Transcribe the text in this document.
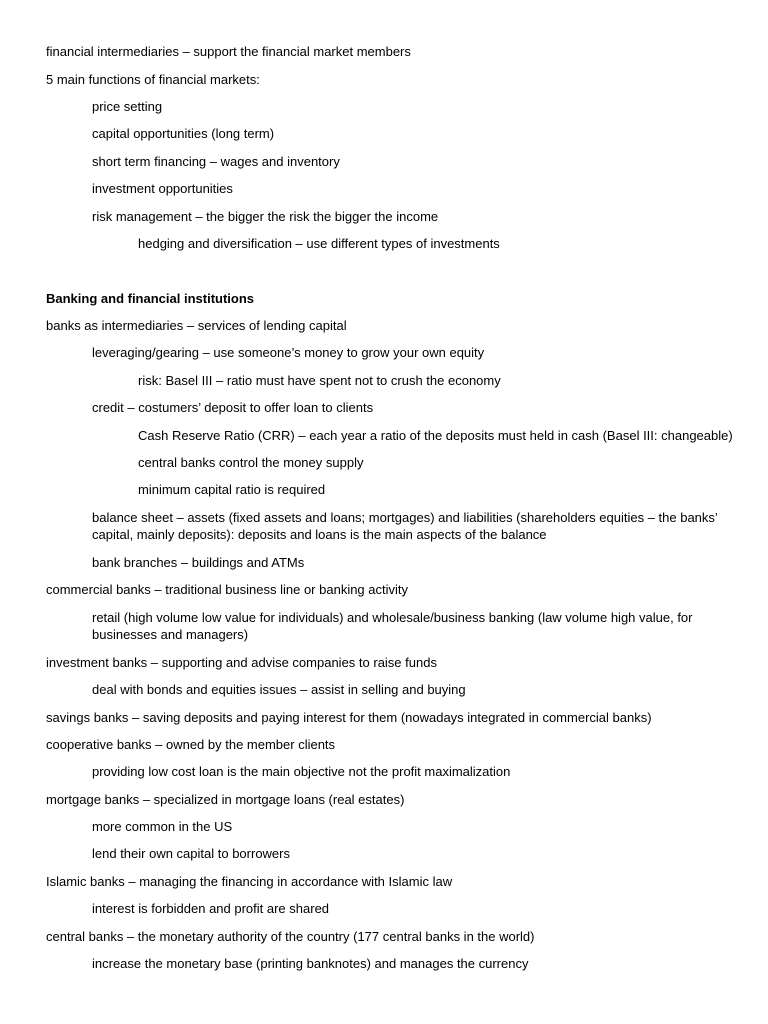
financial intermediaries – support the financial market members
5 main functions of financial markets:
price setting
capital opportunities (long term)
short term financing – wages and inventory
investment opportunities
risk management – the bigger the risk the bigger the income
hedging and diversification – use different types of investments
Banking and financial institutions
banks as intermediaries – services of lending capital
leveraging/gearing – use someone’s money to grow your own equity
risk: Basel III – ratio must have spent not to crush the economy
credit – costumers’ deposit to offer loan to clients
Cash Reserve Ratio (CRR) – each year a ratio of the deposits must held in cash (Basel III: changeable)
central banks control the money supply
minimum capital ratio is required
balance sheet – assets (fixed assets and loans; mortgages) and liabilities (shareholders equities – the banks’ capital, mainly deposits): deposits and loans is the main aspects of the balance
bank branches – buildings and ATMs
commercial banks – traditional business line or banking activity
retail (high volume low value for individuals) and wholesale/business banking (law volume high value, for businesses and managers)
investment banks – supporting and advise companies to raise funds
deal with bonds and equities issues – assist in selling and buying
savings banks – saving deposits and paying interest for them (nowadays integrated in commercial banks)
cooperative banks – owned by the member clients
providing low cost loan is the main objective not the profit maximalization
mortgage banks – specialized in mortgage loans (real estates)
more common in the US
lend their own capital to borrowers
Islamic banks – managing the financing in accordance with Islamic law
interest is forbidden and profit are shared
central banks – the monetary authority of the country (177 central banks in the world)
increase the monetary base (printing banknotes) and manages the currency
